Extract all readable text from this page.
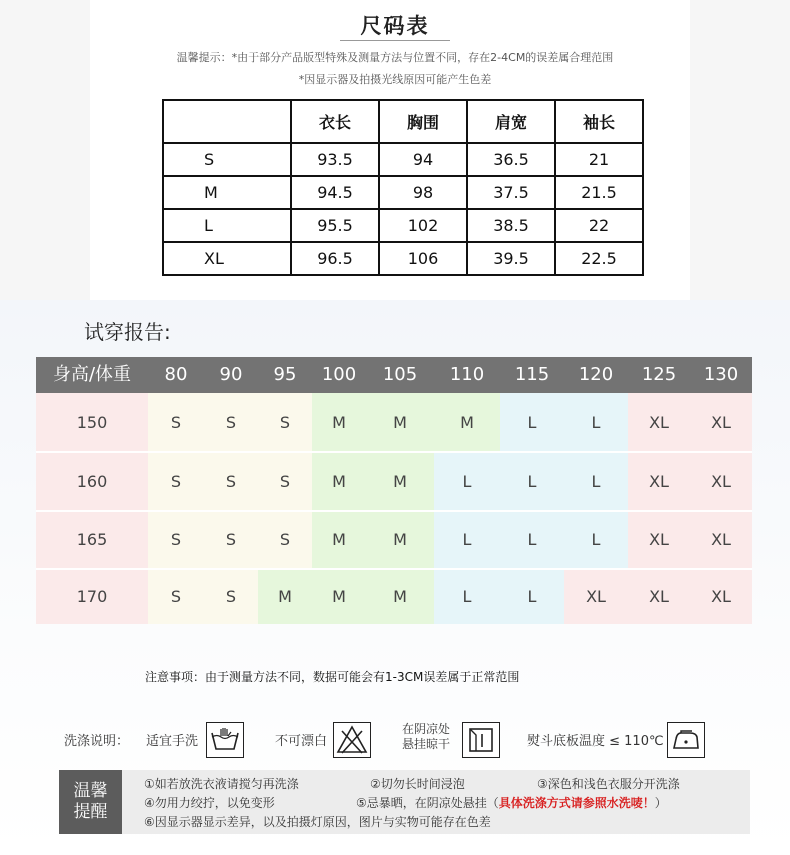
尺码表
温馨提示：*由于部分产品版型特殊及测量方法与位置不同，存在2-4CM的误差属合理范围
*因显示器及拍摄光线原因可能产生色差
	衣长	胸围	肩宽	袖长
S	93.5	94	36.5	21
M	94.5	98	37.5	21.5
L	95.5	102	38.5	22
XL	96.5	106	39.5	22.5
试穿报告:
身高/体重	80	90	95	100	105	110	115	120	125	130
150	S	S	S	M	M	M	L	L	XL	XL
160	S	S	S	M	M	L	L	L	XL	XL
165	S	S	S	M	M	L	L	L	XL	XL
170	S	S	M	M	M	L	L	XL	XL	XL
注意事项：由于测量方法不同，数据可能会有1-3CM误差属于正常范围
洗涤说明： 适宜手洗	不可漂白
在阴凉处
悬挂晾干	熨斗底板温度 ≤ 110℃
温馨
提醒
①如若放洗衣液请搅匀再洗涤	②切勿长时间浸泡	③深色和浅色衣服分开洗涤
④勿用力绞拧，以免变形	⑤忌暴晒，在阴凉处悬挂（具体洗涤方式请参照水洗唛！）
⑥因显示器显示差异，以及拍摄灯原因，图片与实物可能存在色差
